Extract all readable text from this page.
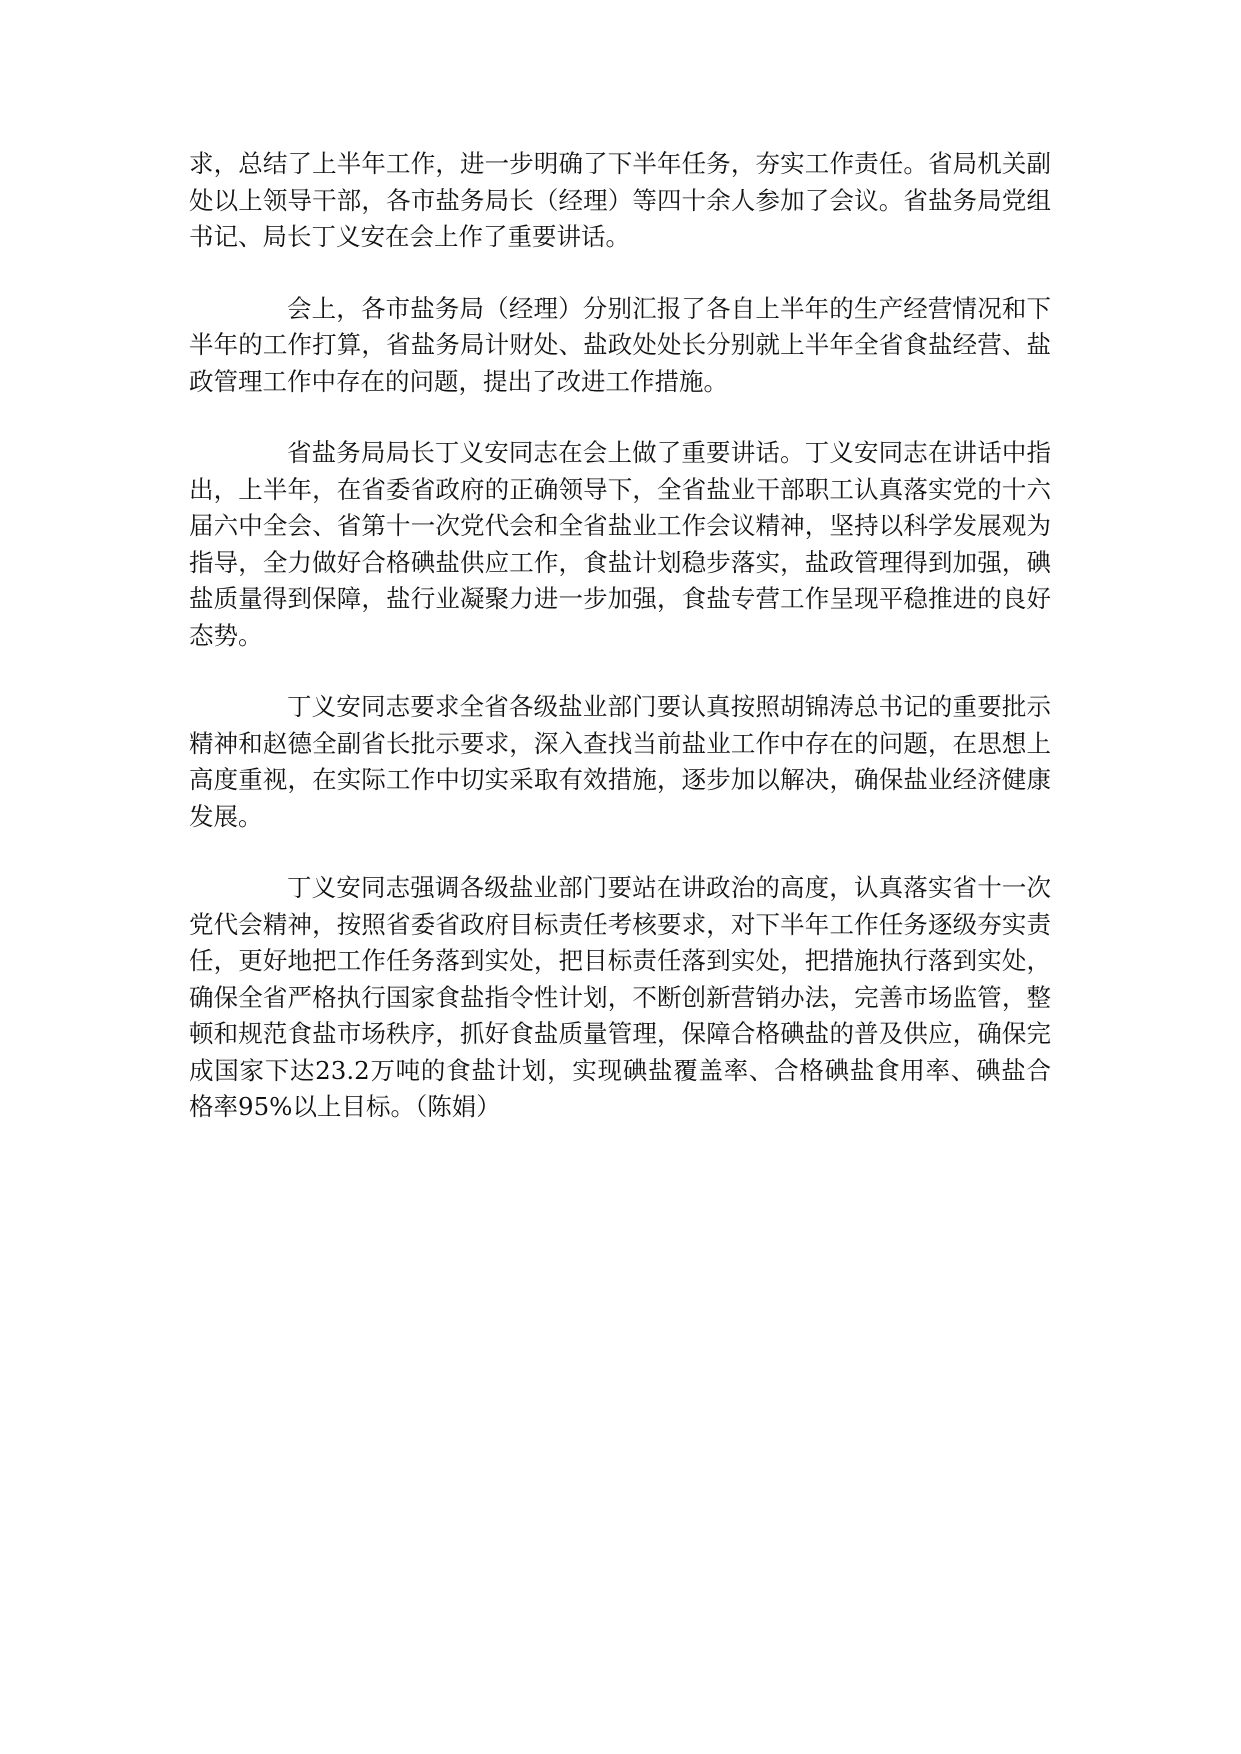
求，总结了上半年工作，进一步明确了下半年任务，夯实工作责任。省局机关副处以上领导干部，各市盐务局长（经理）等四十余人参加了会议。省盐务局党组书记、局长丁义安在会上作了重要讲话。

会上，各市盐务局（经理）分别汇报了各自上半年的生产经营情况和下半年的工作打算，省盐务局计财处、盐政处处长分别就上半年全省食盐经营、盐政管理工作中存在的问题，提出了改进工作措施。

省盐务局局长丁义安同志在会上做了重要讲话。丁义安同志在讲话中指出，上半年，在省委省政府的正确领导下，全省盐业干部职工认真落实党的十六届六中全会、省第十一次党代会和全省盐业工作会议精神，坚持以科学发展观为指导，全力做好合格碘盐供应工作，食盐计划稳步落实，盐政管理得到加强，碘盐质量得到保障，盐行业凝聚力进一步加强，食盐专营工作呈现平稳推进的良好态势。

丁义安同志要求全省各级盐业部门要认真按照胡锦涛总书记的重要批示精神和赵德全副省长批示要求，深入查找当前盐业工作中存在的问题，在思想上高度重视，在实际工作中切实采取有效措施，逐步加以解决，确保盐业经济健康发展。

丁义安同志强调各级盐业部门要站在讲政治的高度，认真落实省十一次党代会精神，按照省委省政府目标责任考核要求，对下半年工作任务逐级夯实责任，更好地把工作任务落到实处，把目标责任落到实处，把措施执行落到实处，确保全省严格执行国家食盐指令性计划，不断创新营销办法，完善市场监管，整顿和规范食盐市场秩序，抓好食盐质量管理，保障合格碘盐的普及供应，确保完成国家下达23.2万吨的食盐计划，实现碘盐覆盖率、合格碘盐食用率、碘盐合格率95%以上目标。（陈娟）
